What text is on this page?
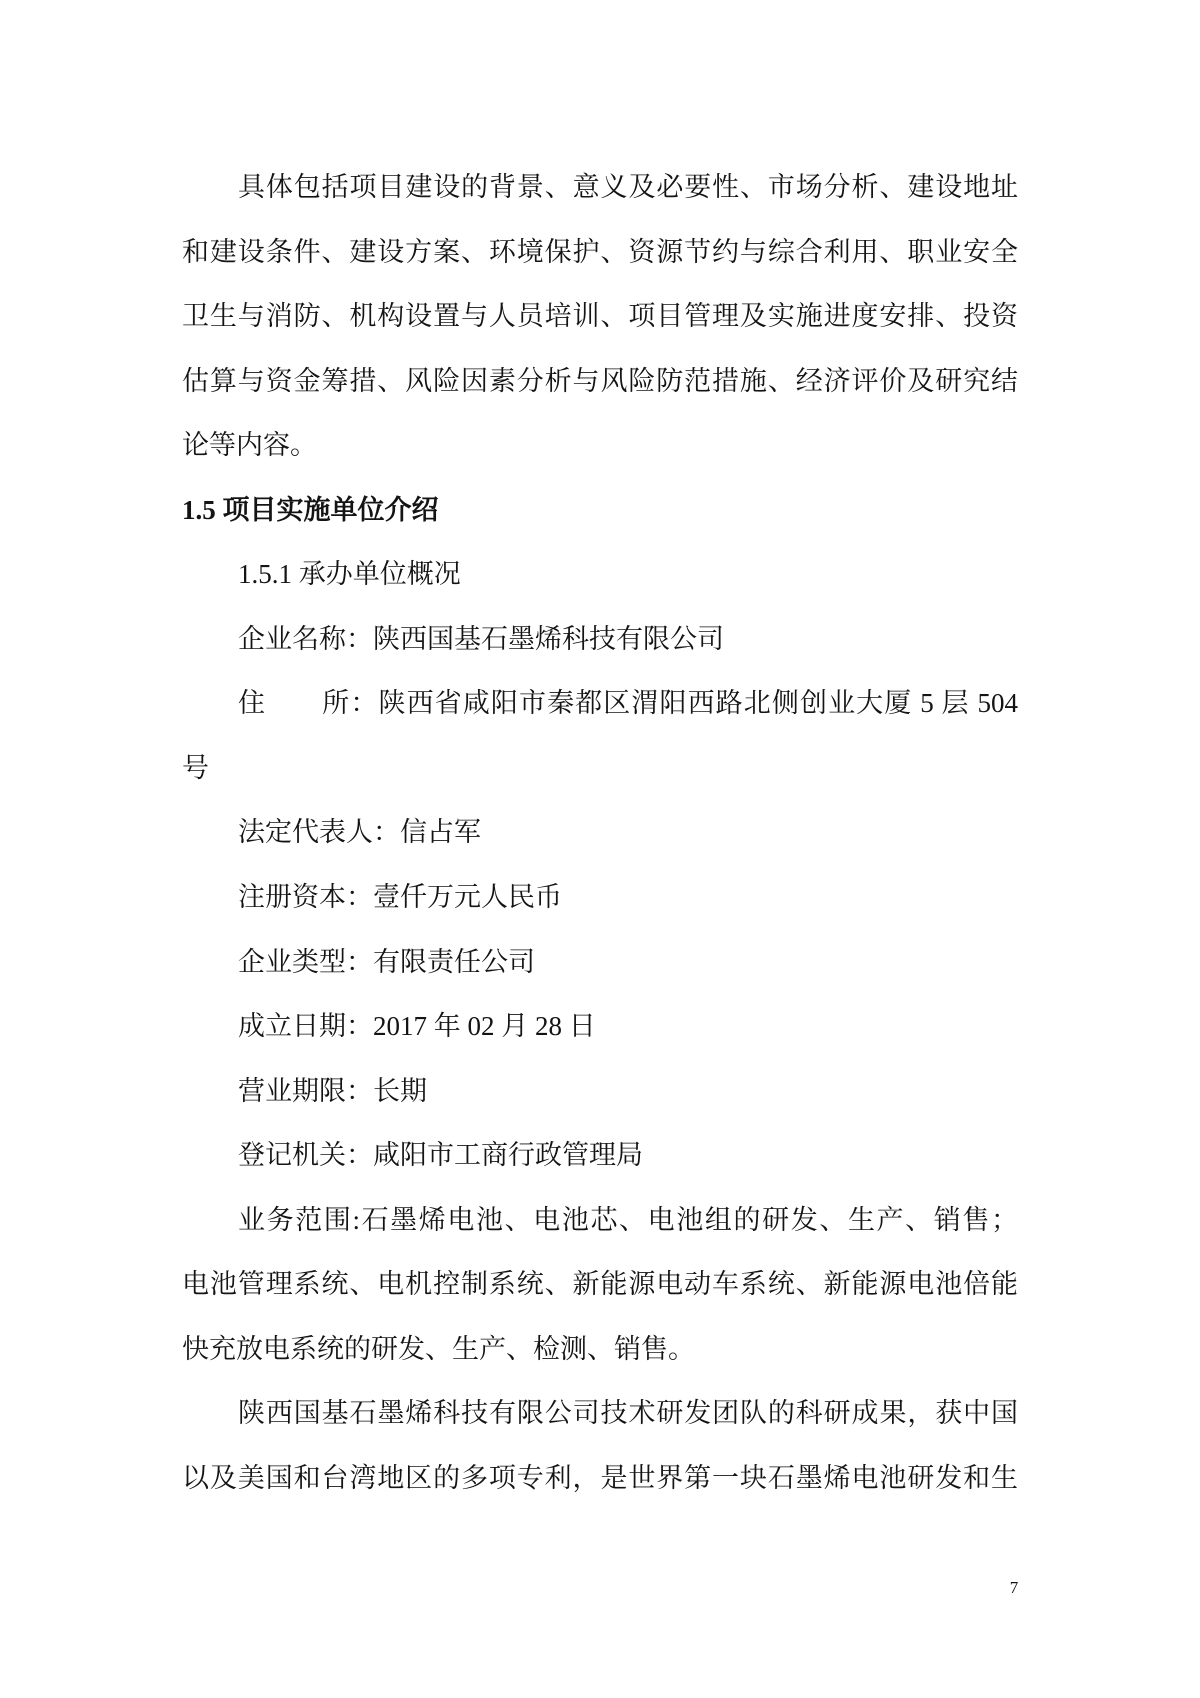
具体包括项目建设的背景、意义及必要性、市场分析、建设地址
和建设条件、建设方案、环境保护、资源节约与综合利用、职业安全
卫生与消防、机构设置与人员培训、项目管理及实施进度安排、投资
估算与资金筹措、风险因素分析与风险防范措施、经济评价及研究结
论等内容。
1.5 项目实施单位介绍
1.5.1 承办单位概况
企业名称：陕西国基石墨烯科技有限公司
住　　所：陕西省咸阳市秦都区渭阳西路北侧创业大厦 5 层 504
号
法定代表人：信占军
注册资本：壹仟万元人民币
企业类型：有限责任公司
成立日期：2017 年 02 月 28 日
营业期限：长期
登记机关：咸阳市工商行政管理局
业务范围:石墨烯电池、电池芯、电池组的研发、生产、销售；
电池管理系统、电机控制系统、新能源电动车系统、新能源电池倍能
快充放电系统的研发、生产、检测、销售。
陕西国基石墨烯科技有限公司技术研发团队的科研成果，获中国
以及美国和台湾地区的多项专利，是世界第一块石墨烯电池研发和生
7
